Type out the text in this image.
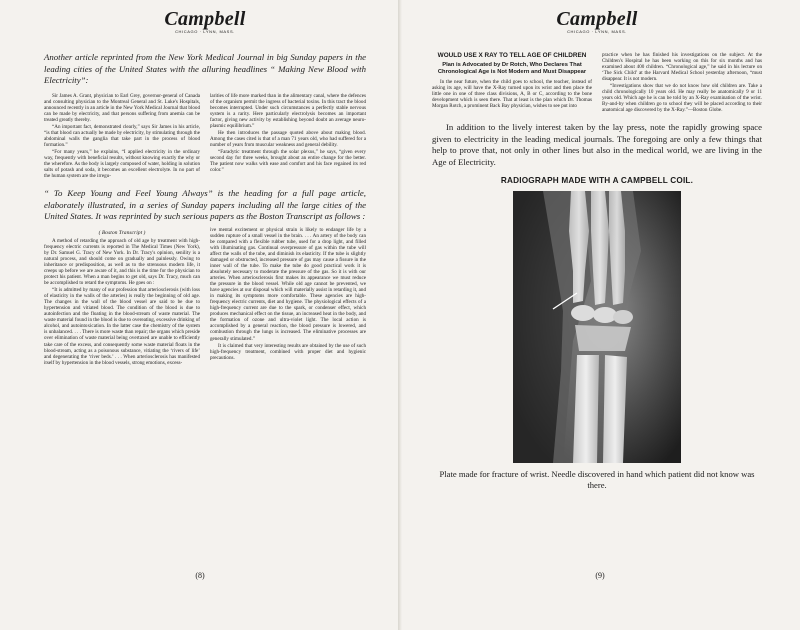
Campbell
CHICAGO · LYNN, MASS.
Another article reprinted from the New York Medical Journal in big Sunday papers in the leading cities of the United States with the alluring headlines “ Making New Blood with Electricity”:

Sir James A. Grant, physician to Earl Grey, governor-general of Canada and consulting physician to the Montreal General and St. Luke's Hospitals, announced recently in an article in the New York Medical Journal that blood can be made by electricity, and that persons suffering from anemia can be treated greatly thereby.

“An important fact, demonstrated clearly,” says Sir James in his article, “is that blood can actually be made by electricity, by stimulating through the abdominal walls the ganglia that take part in the process of blood formation.”

“For many years,” he explains, “I applied electricity in the ordinary way, frequently with beneficial results, without knowing exactly the why or the wherefore. As the body is largely composed of water, holding in solution salts of potash and soda, it becomes an excellent electrolyte. In no part of the human system are the irregu-

larities of life more marked than in the alimentary canal, where the defences of the organism permit the ingress of bacterial toxins. In this tract the blood becomes interrupted. Under such circumstances a perfectly stable nervous system is a rarity. Here particularly electrolysis becomes an important factor, giving new activity by establishing beyond doubt an average neuro-plasmic equilibrium.”

He then introduces the passage quoted above about making blood. Among the cases cited is that of a man 71 years old, who had suffered for a number of years from muscular weakness and general debility.

“Faradytic treatment through the solar plexus,” he says, “given every second day for three weeks, brought about an entire change for the better. The patient now walks with ease and comfort and his face regained its red color.”

“ To Keep Young and Feel Young Always” is the heading for a full page article, elaborately illustrated, in a series of Sunday papers including all the large cities of the United States. It was reprinted by such serious papers as the Boston Transcript as follows :
( Boston Transcript )

A method of retarding the approach of old age by treatment with high-frequency electric currents is reported in The Medical Times (New York), by Dr. Samuel G. Tracy of New York. In Dr. Tracy's opinion, senility is a natural process, and should come on gradually and painlessly. Owing to inheritance or predisposition, as well as to the strenuous modern life, it creeps up before we are aware of it, and this is the time for the physician to protect his patient. When a man begins to get old, says Dr. Tracy, much can be accomplished to retard the symptoms. He goes on :

“It is admitted by many of our profession that arteriosclerosis (with loss of elasticity in the walls of the arteries) is really the beginning of old age. The changes in the wall of the blood vessel are said to be due to hypertension and vitiated blood. The condition of the blood is due to autoinfection and the floating in the blood-stream of waste material. The waste material found in the blood is due to overeating, excessive drinking of alcohol, and autointoxication. In the latter case the chemistry of the system is unbalanced. . . . There is more waste than repair; the organs which preside over elimination of waste material being overtaxed are unable to efficiently take care of the excess, and consequently some waste material floats in the blood-stream, acting as a poisonous substance, vitiating the ‘rivers of life’ and degenerating the ‘river beds.’ . . . When arteriosclerosis has manifested itself by hypertension in the blood vessels, strong emotions, excess-

ive mental excitement or physical strain is likely to endanger life by a sudden rupture of a small vessel in the brain. . . . An artery of the body can be compared with a flexible rubber tube, used for a drop light, and filled with illuminating gas. Continual overpressure of gas within the tube will affect the walls of the tube, and diminish its elasticity. If the tube is slightly damaged or obstructed, increased pressure of gas may cause a fissure in the inner wall of the tube. To make the tube do good practical work it is absolutely necessary to moderate the pressure of the gas. So it is with our arteries. When arteriosclerosis first makes its appearance we must reduce the pressure in the blood vessel. While old age cannot be prevented, we have agencies at our disposal which will materially assist in retarding it, and in making its symptoms more comfortable. These agencies are high-frequency electric currents, diet and hygiene. The physiological effects of a high-frequency current are due to the spark, or condenser effect, which produces mechanical effect on the tissue, an increased heat in the body, and the formation of ozone and ultra-violet light. The local action is accomplished by a general reaction, the blood pressure is lowered, and combustion through the lungs is increased. The eliminative processes are generally stimulated.”

It is claimed that very interesting results are obtained by the use of such high-frequency treatment, combined with proper diet and hygienic precautions.

(8)
Campbell
CHICAGO · LYNN, MASS.
WOULD USE X RAY TO TELL AGE OF CHILDREN
Plan is Advocated by Dr Rotch, Who Declares That Chronological Age is Not Modern and Must Disappear

In the near future, when the child goes to school, the teacher, instead of asking its age, will have the X-Ray turned upon its wrist and then place the little one in one of three class divisions, A, B or C, according to the bone development which is seen there. That at least is the plan which Dr. Thomas Morgan Rotch, a prominent Back Bay physician, wishes to see put into

practice when he has finished his investigations on the subject. At the Children's Hospital he has been working on this for six months and has examined about 400 children. “Chronological age,” he said in his lecture on ‘The Sick Child’ at the Harvard Medical School yesterday afternoon, “must disappear. It is not modern.

“Investigations show that we do not know how old children are. Take a child chronologically 10 years old. He may really be anatomically 9 or 11 years old. Which age he is can be told by an X-Ray examination of the wrist. By-and-by when children go to school they will be placed according to their anatomical age discovered by the X-Ray.”—Boston Globe.

In addition to the lively interest taken by the lay press, note the rapidly growing space given to electricity in the leading medical journals. The foregoing are only a few things that help to prove that, not only in other lines but also in the medical world, we are living in the Age of Electricity.
RADIOGRAPH MADE WITH A CAMPBELL COIL.
Plate made for fracture of wrist. Needle discovered in hand which patient did not know was there.
(9)
